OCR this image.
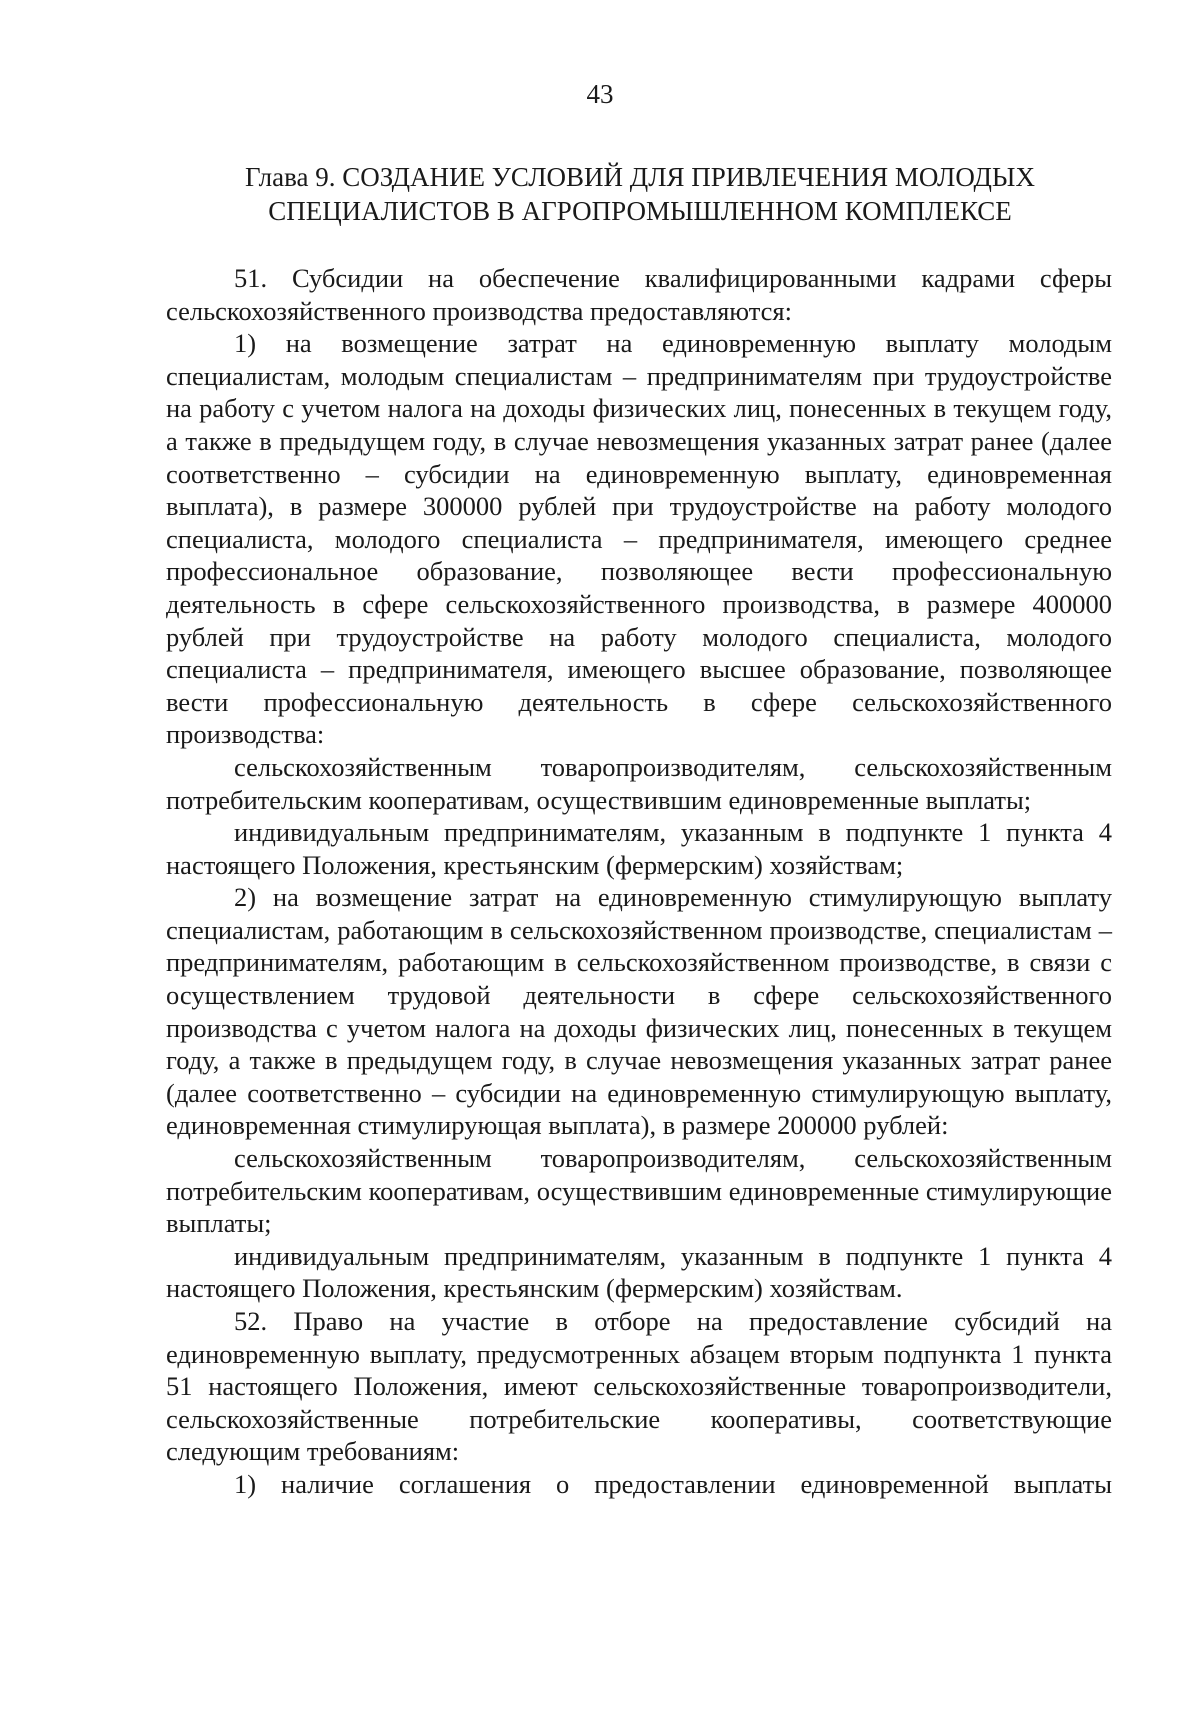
43
Глава 9. СОЗДАНИЕ УСЛОВИЙ ДЛЯ ПРИВЛЕЧЕНИЯ МОЛОДЫХ
СПЕЦИАЛИСТОВ В АГРОПРОМЫШЛЕННОМ КОМПЛЕКСЕ

51. Субсидии на обеспечение квалифицированными кадрами сферы сельскохозяйственного производства предоставляются:

1) на возмещение затрат на единовременную выплату молодым специалистам, молодым специалистам – предпринимателям при трудоустройстве на работу с учетом налога на доходы физических лиц, понесенных в текущем году, а также в предыдущем году, в случае невозмещения указанных затрат ранее (далее соответственно – субсидии на единовременную выплату, единовременная выплата), в размере 300000 рублей при трудоустройстве на работу молодого специалиста, молодого специалиста – предпринимателя, имеющего среднее профессиональное образование, позволяющее вести профессиональную деятельность в сфере сельскохозяйственного производства, в размере 400000 рублей при трудоустройстве на работу молодого специалиста, молодого специалиста – предпринимателя, имеющего высшее образование, позволяющее вести профессиональную деятельность в сфере сельскохозяйственного производства:

сельскохозяйственным товаропроизводителям, сельскохозяйственным потребительским кооперативам, осуществившим единовременные выплаты;

индивидуальным предпринимателям, указанным в подпункте 1 пункта 4 настоящего Положения, крестьянским (фермерским) хозяйствам;

2) на возмещение затрат на единовременную стимулирующую выплату специалистам, работающим в сельскохозяйственном производстве, специалистам – предпринимателям, работающим в сельскохозяйственном производстве, в связи с осуществлением трудовой деятельности в сфере сельскохозяйственного производства с учетом налога на доходы физических лиц, понесенных в текущем году, а также в предыдущем году, в случае невозмещения указанных затрат ранее (далее соответственно – субсидии на единовременную стимулирующую выплату, единовременная стимулирующая выплата), в размере 200000 рублей:

сельскохозяйственным товаропроизводителям, сельскохозяйственным потребительским кооперативам, осуществившим единовременные стимулирующие выплаты;

индивидуальным предпринимателям, указанным в подпункте 1 пункта 4 настоящего Положения, крестьянским (фермерским) хозяйствам.

52. Право на участие в отборе на предоставление субсидий на единовременную выплату, предусмотренных абзацем вторым подпункта 1 пункта 51 настоящего Положения, имеют сельскохозяйственные товаропроизводители, сельскохозяйственные потребительские кооперативы, соответствующие следующим требованиям:

1) наличие соглашения о предоставлении единовременной выплаты
